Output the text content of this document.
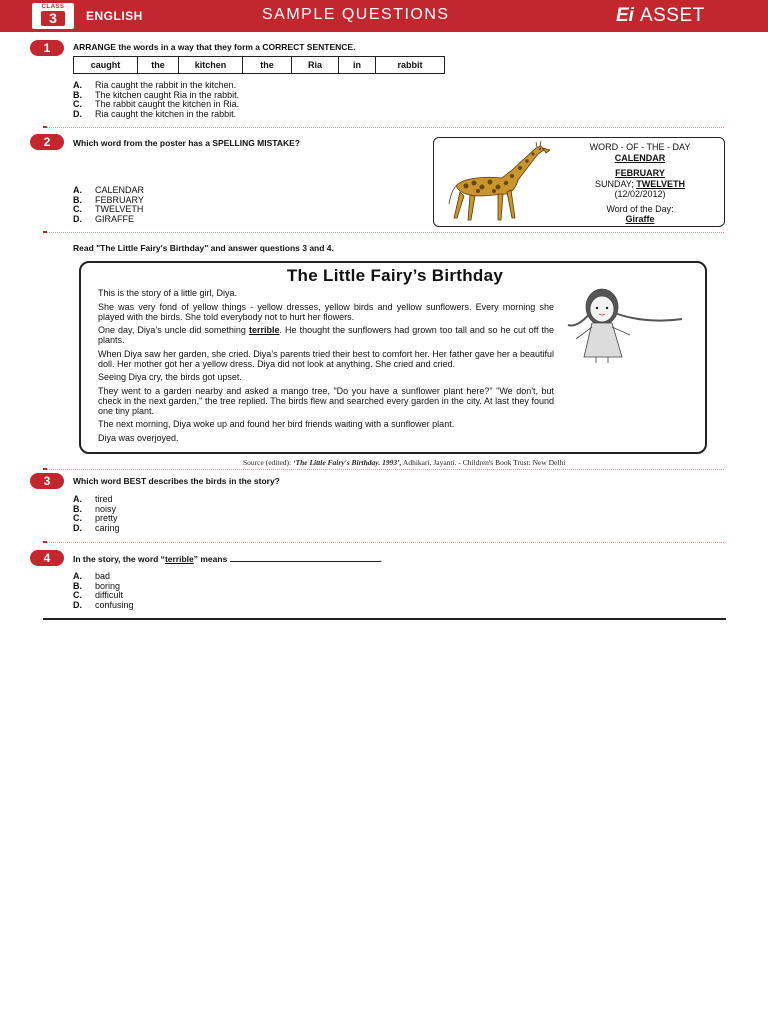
CLASS
3	ENGLISH	SAMPLE QUESTIONS	Ei ASSET
1	ARRANGE the words in a way that they form a CORRECT SENTENCE.
caught	the	kitchen	the	Ria	in	rabbit
A. Ria caught the rabbit in the kitchen.
B. The kitchen caught Ria in the rabbit.
C. The rabbit caught the kitchen in Ria.
D. Ria caught the kitchen in the rabbit.
2	Which word from the poster has a SPELLING MISTAKE?
A. CALENDAR
B. FEBRUARY
C. TWELVETH
D. GIRAFFE
WORD - OF - THE - DAY
CALENDAR
FEBRUARY
SUNDAY; TWELVETH
(12/02/2012)
Word of the Day:
Giraffe
Read "The Little Fairy's Birthday" and answer questions 3 and 4.
The Little Fairy’s Birthday

This is the story of a little girl, Diya.

She was very fond of yellow things - yellow dresses, yellow birds and yellow sunflowers. Every morning she played with the birds. She told everybody not to hurt her flowers.

One day, Diya’s uncle did something terrible. He thought the sunflowers had grown too tall and so he cut off the plants.

When Diya saw her garden, she cried. Diya’s parents tried their best to comfort her. Her father gave her a beautiful doll. Her mother got her a yellow dress. Diya did not look at anything. She cried and cried.

Seeing Diya cry, the birds got upset.

They went to a garden nearby and asked a mango tree, "Do you have a sunflower plant here?" "We don't, but check in the next garden," the tree replied. The birds flew and searched every garden in the city. At last they found one tiny plant.

The next morning, Diya woke up and found her bird friends waiting with a sunflower plant.

Diya was overjoyed.

Source (edited): ‘The Little Fairy's Birthday. 1993’, Adhikari, Jayanti. - Children's Book Trust: New Delhi
3	Which word BEST describes the birds in the story?
A. tired
B. noisy
C. pretty
D. caring
4	In the story, the word “terrible” means	.
A. bad
B. boring
C. difficult
D. confusing
